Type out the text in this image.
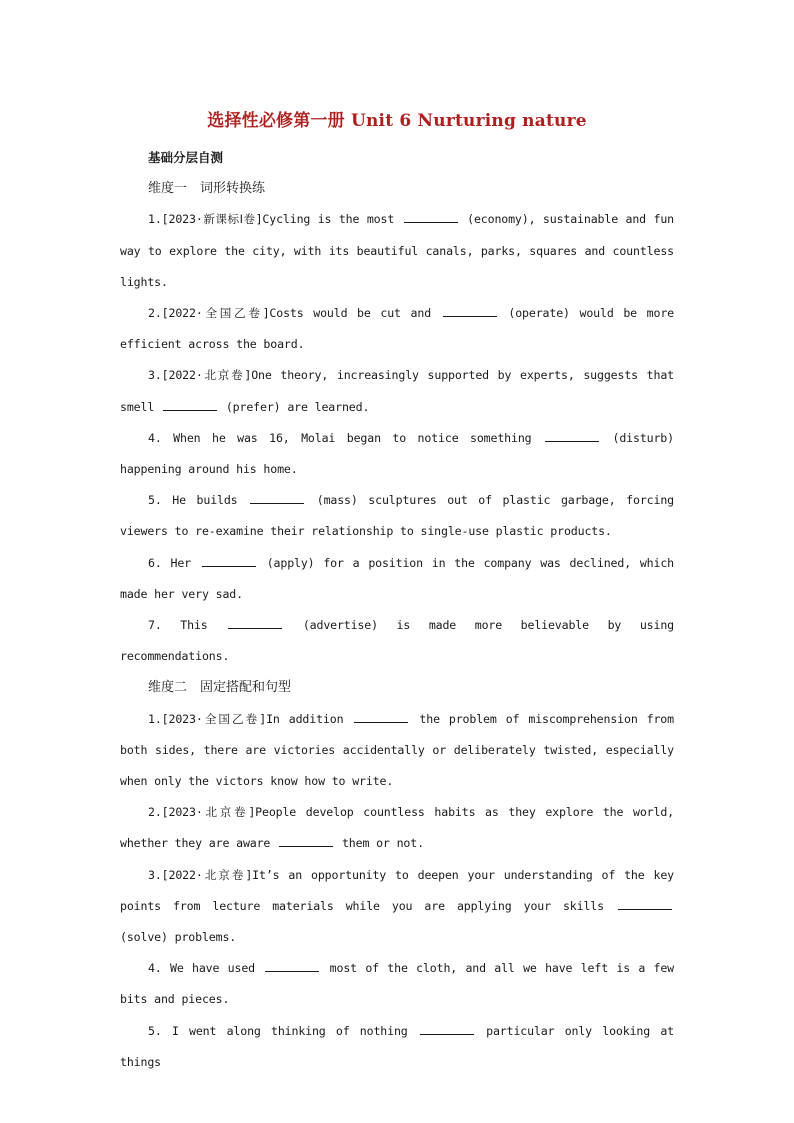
选择性必修第一册 Unit 6 Nurturing nature
基础分层自测
维度一　词形转换练
1.[2023·新课标Ⅰ卷]Cycling is the most	(economy), sustainable and fun way to explore the city, with its beautiful canals, parks, squares and countless lights.
2.[2022·全国乙卷]Costs would be cut and	(operate) would be more efficient across the board.
3.[2022·北京卷]One theory, increasingly supported by experts, suggests that smell	(prefer) are learned.
4. When he was 16, Molai began to notice something	(disturb) happening around his home.
5. He builds	(mass) sculptures out of plastic garbage, forcing viewers to re-examine their relationship to single-use plastic products.
6. Her	(apply) for a position in the company was declined, which made her very sad.
7. This	(advertise) is made more believable by using recommendations.
维度二　固定搭配和句型
1.[2023·全国乙卷]In addition	the problem of miscomprehension from both sides, there are victories accidentally or deliberately twisted, especially when only the victors know how to write.
2.[2023·北京卷]People develop countless habits as they explore the world, whether they are aware	them or not.
3.[2022·北京卷]It’s an opportunity to deepen your understanding of the key points from lecture materials while you are applying your skills  (solve) problems.
4. We have used	most of the cloth, and all we have left is a few bits and pieces.
5. I went along thinking of nothing	particular only looking at things
